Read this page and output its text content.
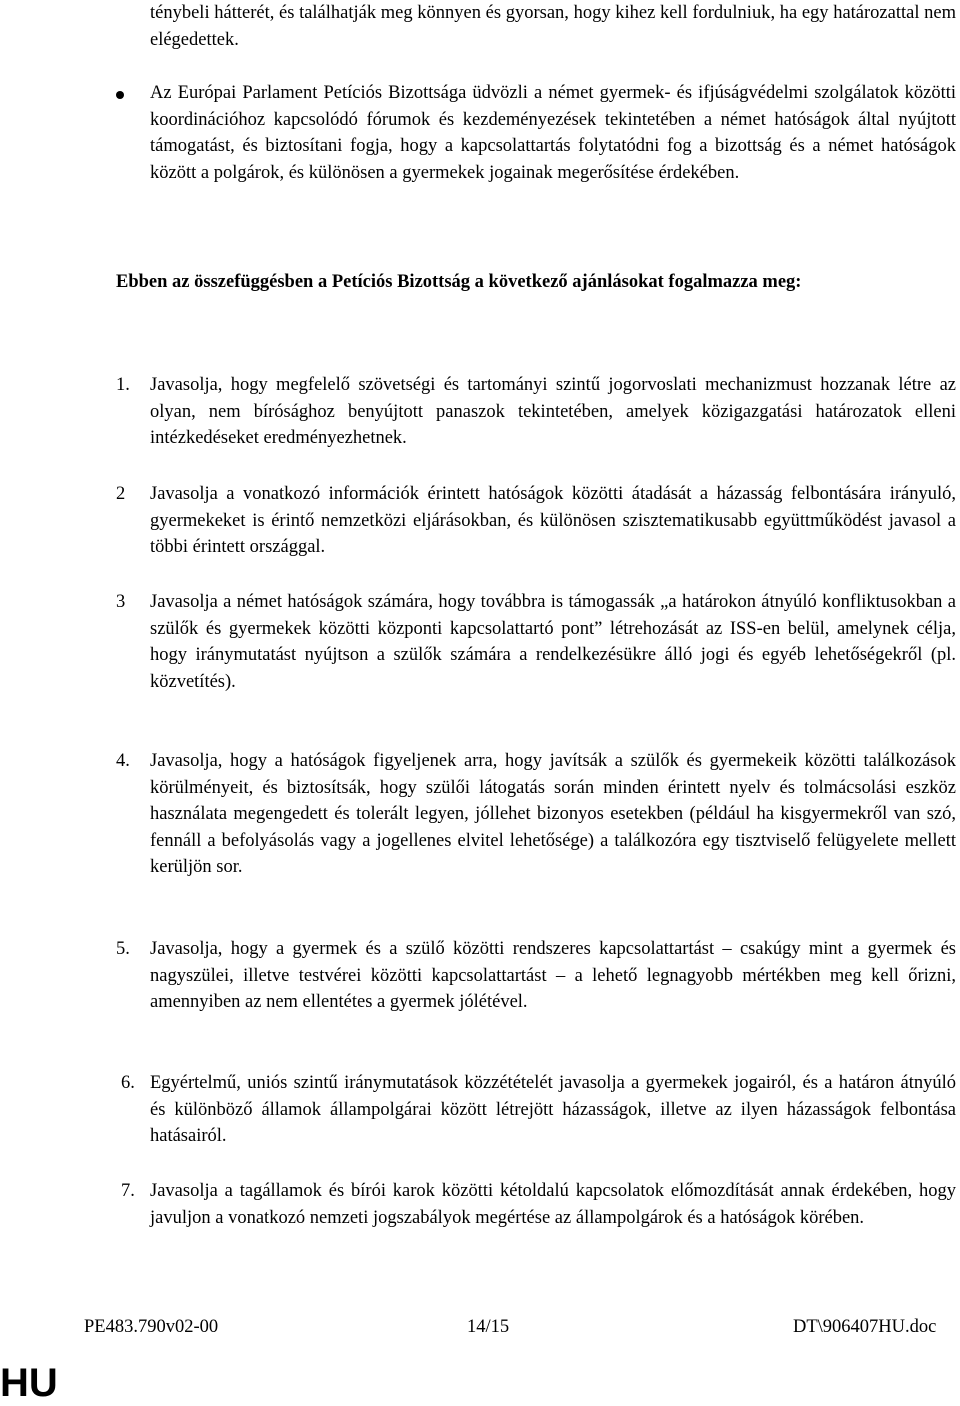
ténybeli hátterét, és találhatják meg könnyen és gyorsan, hogy kihez kell fordulniuk, ha egy határozattal nem elégedettek.

Az Európai Parlament Petíciós Bizottsága üdvözli a német gyermek- és ifjúságvédelmi szolgálatok közötti koordinációhoz kapcsolódó fórumok és kezdeményezések tekintetében a német hatóságok által nyújtott támogatást, és biztosítani fogja, hogy a kapcsolattartás folytatódni fog a bizottság és a német hatóságok között a polgárok, és különösen a gyermekek jogainak megerősítése érdekében.

Ebben az összefüggésben a Petíciós Bizottság a következő ajánlásokat fogalmazza meg:

1. Javasolja, hogy megfelelő szövetségi és tartományi szintű jogorvoslati mechanizmust hozzanak létre az olyan, nem bírósághoz benyújtott panaszok tekintetében, amelyek közigazgatási határozatok elleni intézkedéseket eredményezhetnek.

2 Javasolja a vonatkozó információk érintett hatóságok közötti átadását a házasság felbontására irányuló, gyermekeket is érintő nemzetközi eljárásokban, és különösen szisztematikusabb együttműködést javasol a többi érintett országgal.

3 Javasolja a német hatóságok számára, hogy továbbra is támogassák „a határokon átnyúló konfliktusokban a szülők és gyermekek közötti központi kapcsolattartó pont” létrehozását az ISS-en belül, amelynek célja, hogy iránymutatást nyújtson a szülők számára a rendelkezésükre álló jogi és egyéb lehetőségekről (pl. közvetítés).

4. Javasolja, hogy a hatóságok figyeljenek arra, hogy javítsák a szülők és gyermekeik közötti találkozások körülményeit, és biztosítsák, hogy szülői látogatás során minden érintett nyelv és tolmácsolási eszköz használata megengedett és tolerált legyen, jóllehet bizonyos esetekben (például ha kisgyermekről van szó, fennáll a befolyásolás vagy a jogellenes elvitel lehetősége) a találkozóra egy tisztviselő felügyelete mellett kerüljön sor.

5. Javasolja, hogy a gyermek és a szülő közötti rendszeres kapcsolattartást – csakúgy mint a gyermek és nagyszülei, illetve testvérei közötti kapcsolattartást – a lehető legnagyobb mértékben meg kell őrizni, amennyiben az nem ellentétes a gyermek jólétével.

6. Egyértelmű, uniós szintű iránymutatások közzétételét javasolja a gyermekek jogairól, és a határon átnyúló és különböző államok állampolgárai között létrejött házasságok, illetve az ilyen házasságok felbontása hatásairól.

7. Javasolja a tagállamok és bírói karok közötti kétoldalú kapcsolatok előmozdítását annak érdekében, hogy javuljon a vonatkozó nemzeti jogszabályok megértése az állampolgárok és a hatóságok körében.

PE483.790v02-00	14/15	DT\906407HU.doc
HU
